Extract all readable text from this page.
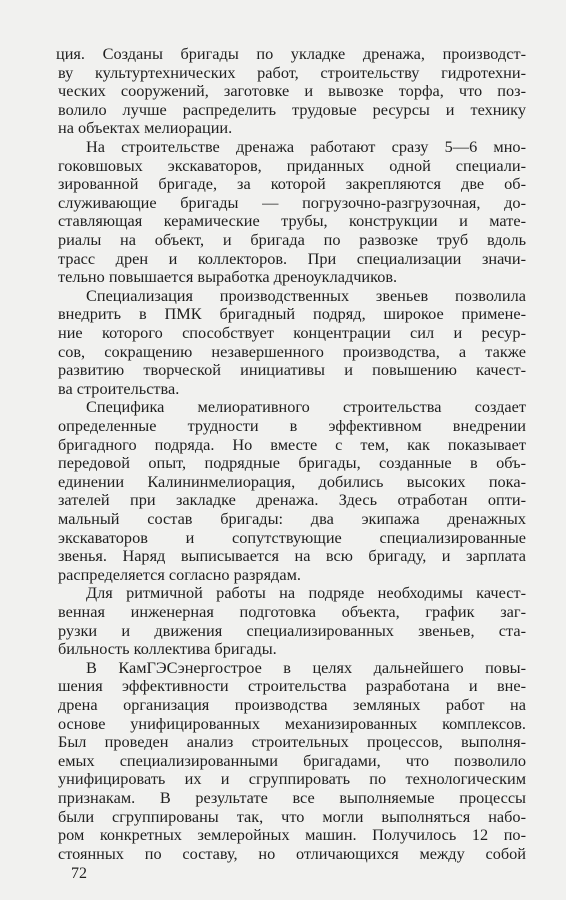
ция. Созданы бригады по укладке дренажа, производст-
ву культуртехнических работ, строительству гидротехни-
ческих сооружений, заготовке и вывозке торфа, что поз-
волило лучше распределить трудовые ресурсы и технику
на объектах мелиорации.
На строительстве дренажа работают сразу 5—6 мно-
гоковшовых экскаваторов, приданных одной специали-
зированной бригаде, за которой закрепляются две об-
служивающие бригады — погрузочно-разгрузочная, до-
ставляющая керамические трубы, конструкции и мате-
риалы на объект, и бригада по развозке труб вдоль
трасс дрен и коллекторов. При специализации значи-
тельно повышается выработка дреноукладчиков.
Специализация производственных звеньев позволила
внедрить в ПМК бригадный подряд, широкое примене-
ние которого способствует концентрации сил и ресур-
сов, сокращению незавершенного производства, а также
развитию творческой инициативы и повышению качест-
ва строительства.
Специфика мелиоративного строительства создает
определенные трудности в эффективном внедрении
бригадного подряда. Но вместе с тем, как показывает
передовой опыт, подрядные бригады, созданные в объ-
единении Калининмелиорация, добились высоких пока-
зателей при закладке дренажа. Здесь отработан опти-
мальный состав бригады: два экипажа дренажных
экскаваторов и сопутствующие специализированные
звенья. Наряд выписывается на всю бригаду, и зарплата
распределяется согласно разрядам.
Для ритмичной работы на подряде необходимы качест-
венная инженерная подготовка объекта, график заг-
рузки и движения специализированных звеньев, ста-
бильность коллектива бригады.
В КамГЭСэнергострое в целях дальнейшего повы-
шения эффективности строительства разработана и вне-
дрена организация производства земляных работ на
основе унифицированных механизированных комплексов.
Был проведен анализ строительных процессов, выполня-
емых специализированными бригадами, что позволило
унифицировать их и сгруппировать по технологическим
признакам. В результате все выполняемые процессы
были сгруппированы так, что могли выполняться набо-
ром конкретных землеройных машин. Получилось 12 по-
стоянных по составу, но отличающихся между собой
72
